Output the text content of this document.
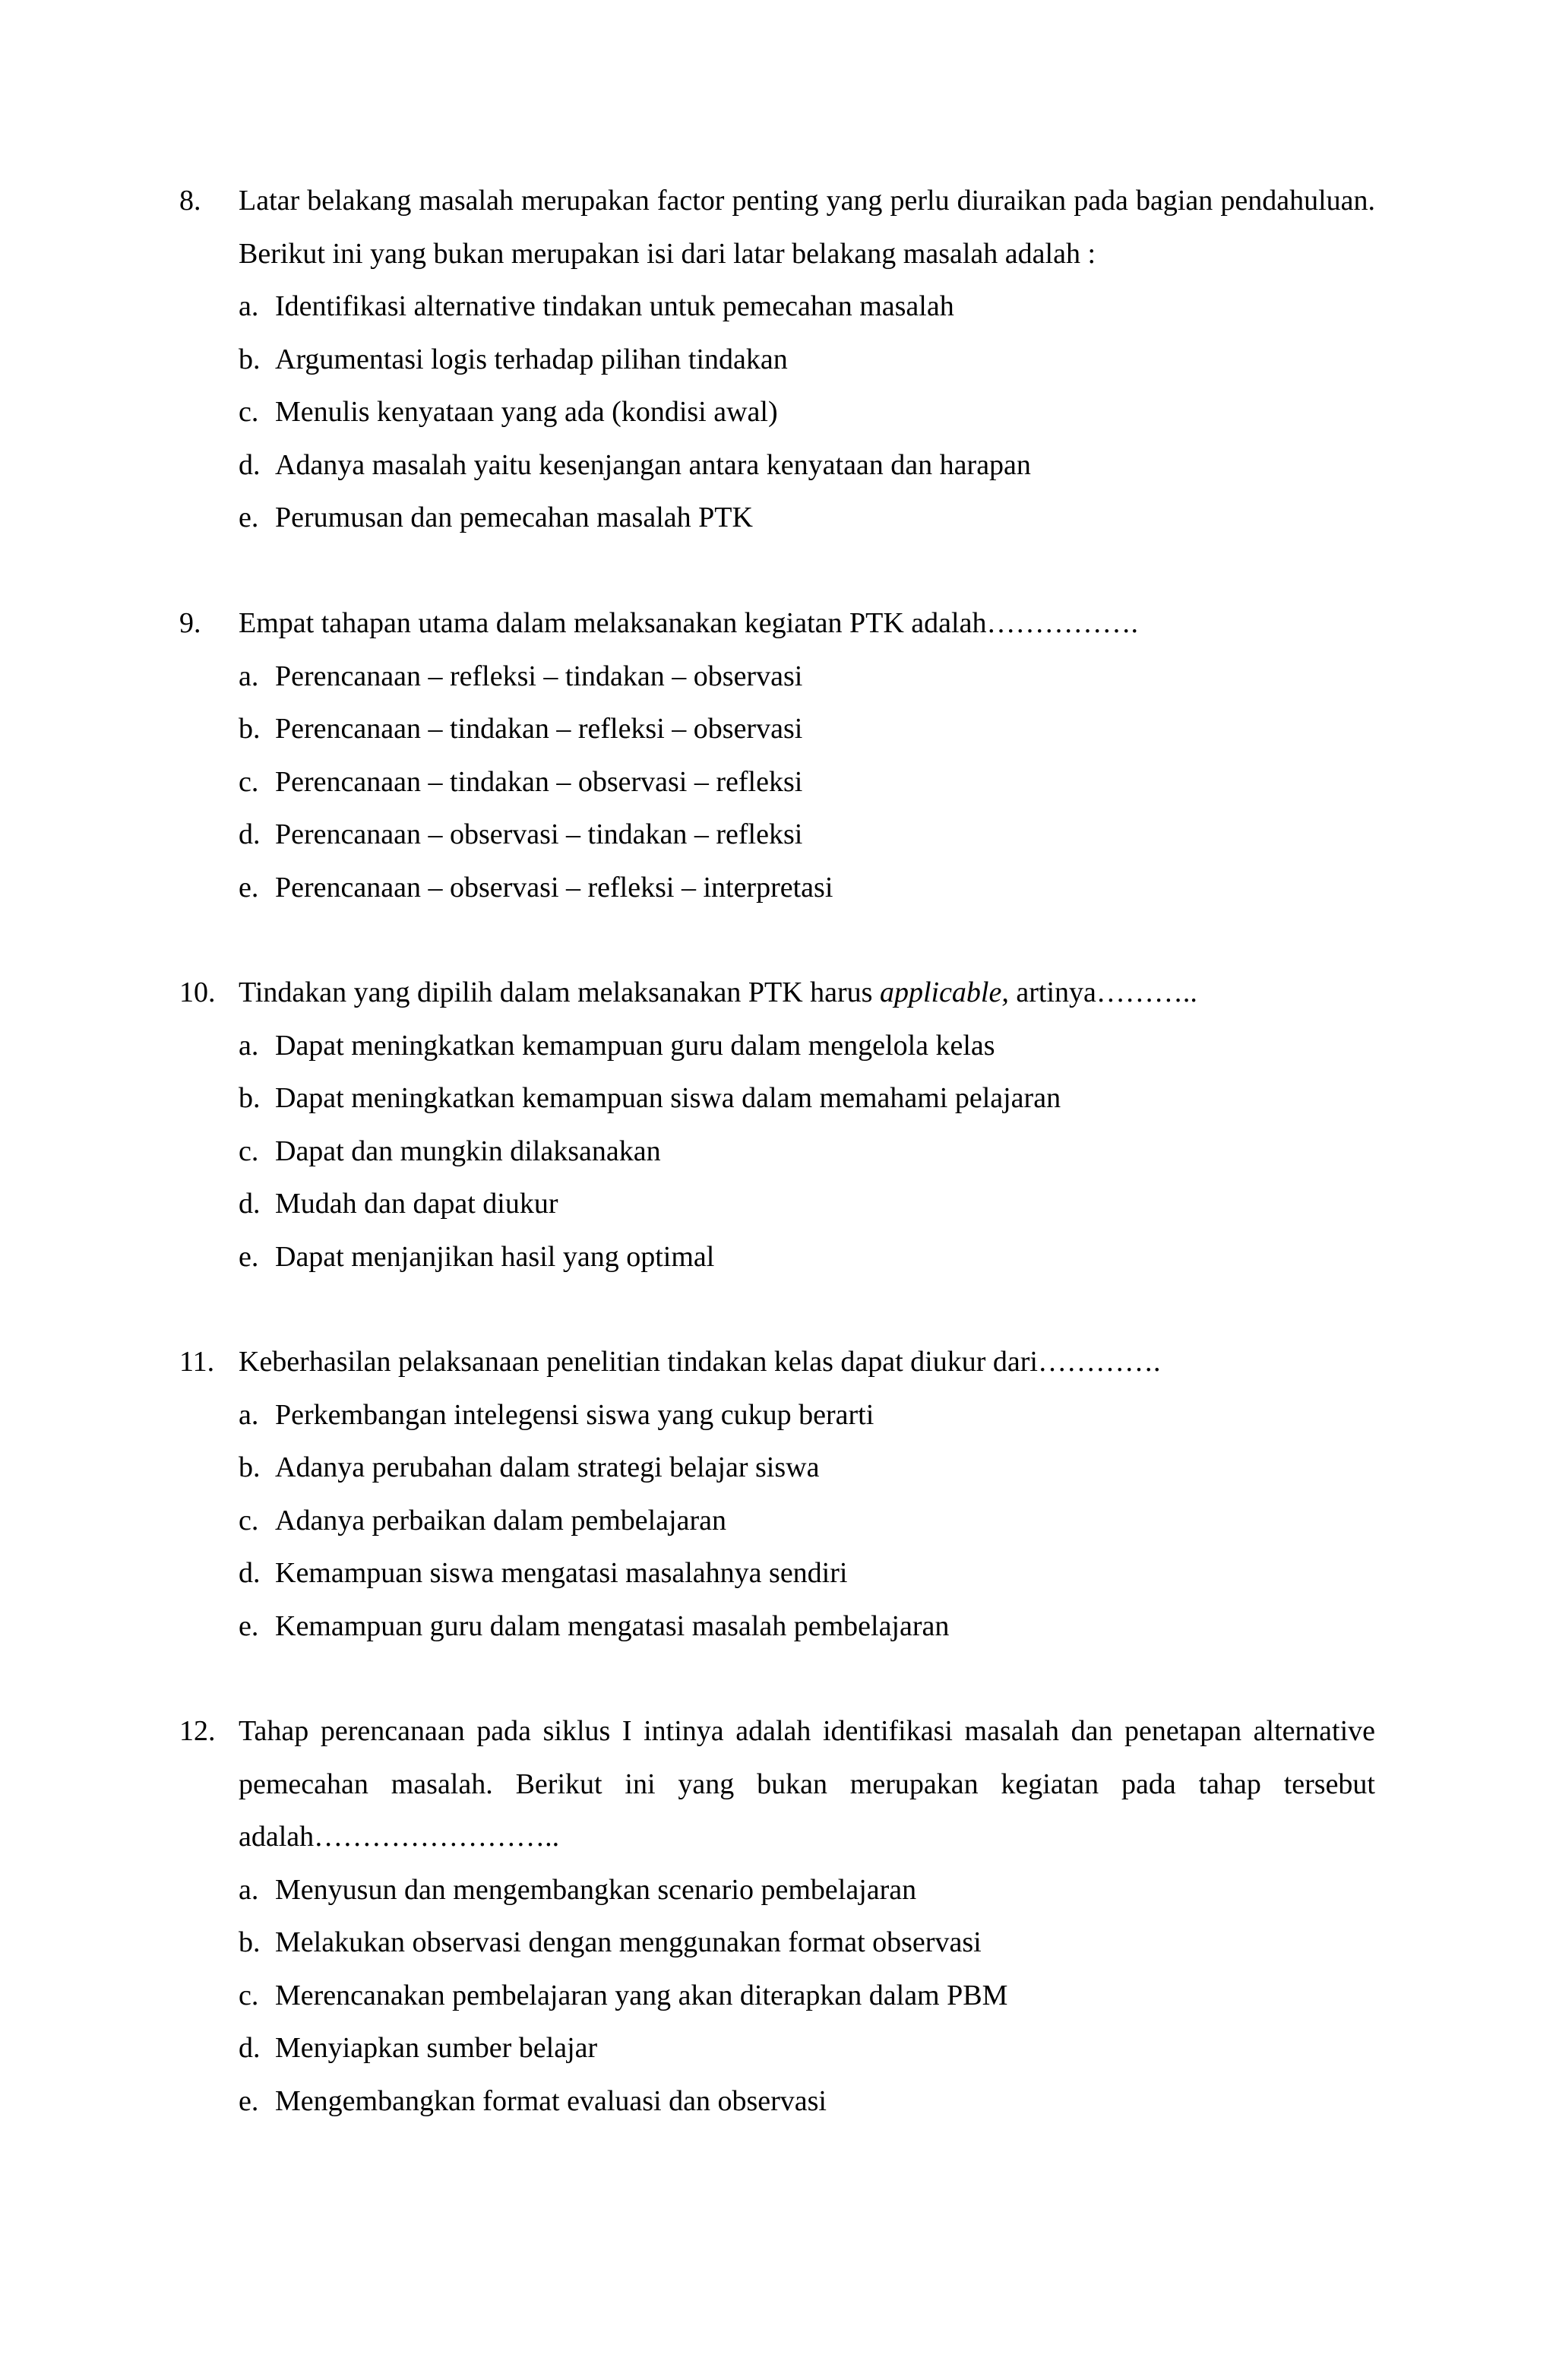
8.	Latar belakang masalah merupakan factor penting yang perlu diuraikan pada bagian pendahuluan. Berikut ini yang bukan merupakan isi dari latar belakang masalah adalah :
a. Identifikasi alternative tindakan untuk pemecahan masalah
b. Argumentasi logis terhadap pilihan tindakan
c. Menulis kenyataan yang ada (kondisi awal)
d. Adanya masalah yaitu kesenjangan antara kenyataan dan harapan
e. Perumusan dan pemecahan masalah PTK
9.	Empat tahapan utama dalam melaksanakan kegiatan PTK adalah…………….
a. Perencanaan – refleksi – tindakan – observasi
b. Perencanaan – tindakan – refleksi – observasi
c. Perencanaan – tindakan – observasi – refleksi
d. Perencanaan – observasi – tindakan – refleksi
e. Perencanaan – observasi – refleksi – interpretasi
10. Tindakan yang dipilih dalam melaksanakan PTK harus applicable, artinya………..
a. Dapat meningkatkan kemampuan guru dalam mengelola kelas
b. Dapat meningkatkan kemampuan siswa dalam memahami pelajaran
c. Dapat dan mungkin dilaksanakan
d. Mudah dan dapat diukur
e. Dapat menjanjikan hasil yang optimal
11. Keberhasilan pelaksanaan penelitian tindakan kelas dapat diukur dari………….
a. Perkembangan intelegensi siswa yang cukup berarti
b. Adanya perubahan dalam strategi belajar siswa
c. Adanya perbaikan dalam pembelajaran
d. Kemampuan siswa mengatasi masalahnya sendiri
e. Kemampuan guru dalam mengatasi masalah pembelajaran
12. Tahap perencanaan pada siklus I intinya adalah identifikasi masalah dan penetapan alternative pemecahan masalah. Berikut ini yang bukan merupakan kegiatan pada tahap tersebut adalah……………………..
a. Menyusun dan mengembangkan scenario pembelajaran
b. Melakukan observasi dengan menggunakan format observasi
c. Merencanakan pembelajaran yang akan diterapkan dalam PBM
d. Menyiapkan sumber belajar
e. Mengembangkan format evaluasi dan observasi
